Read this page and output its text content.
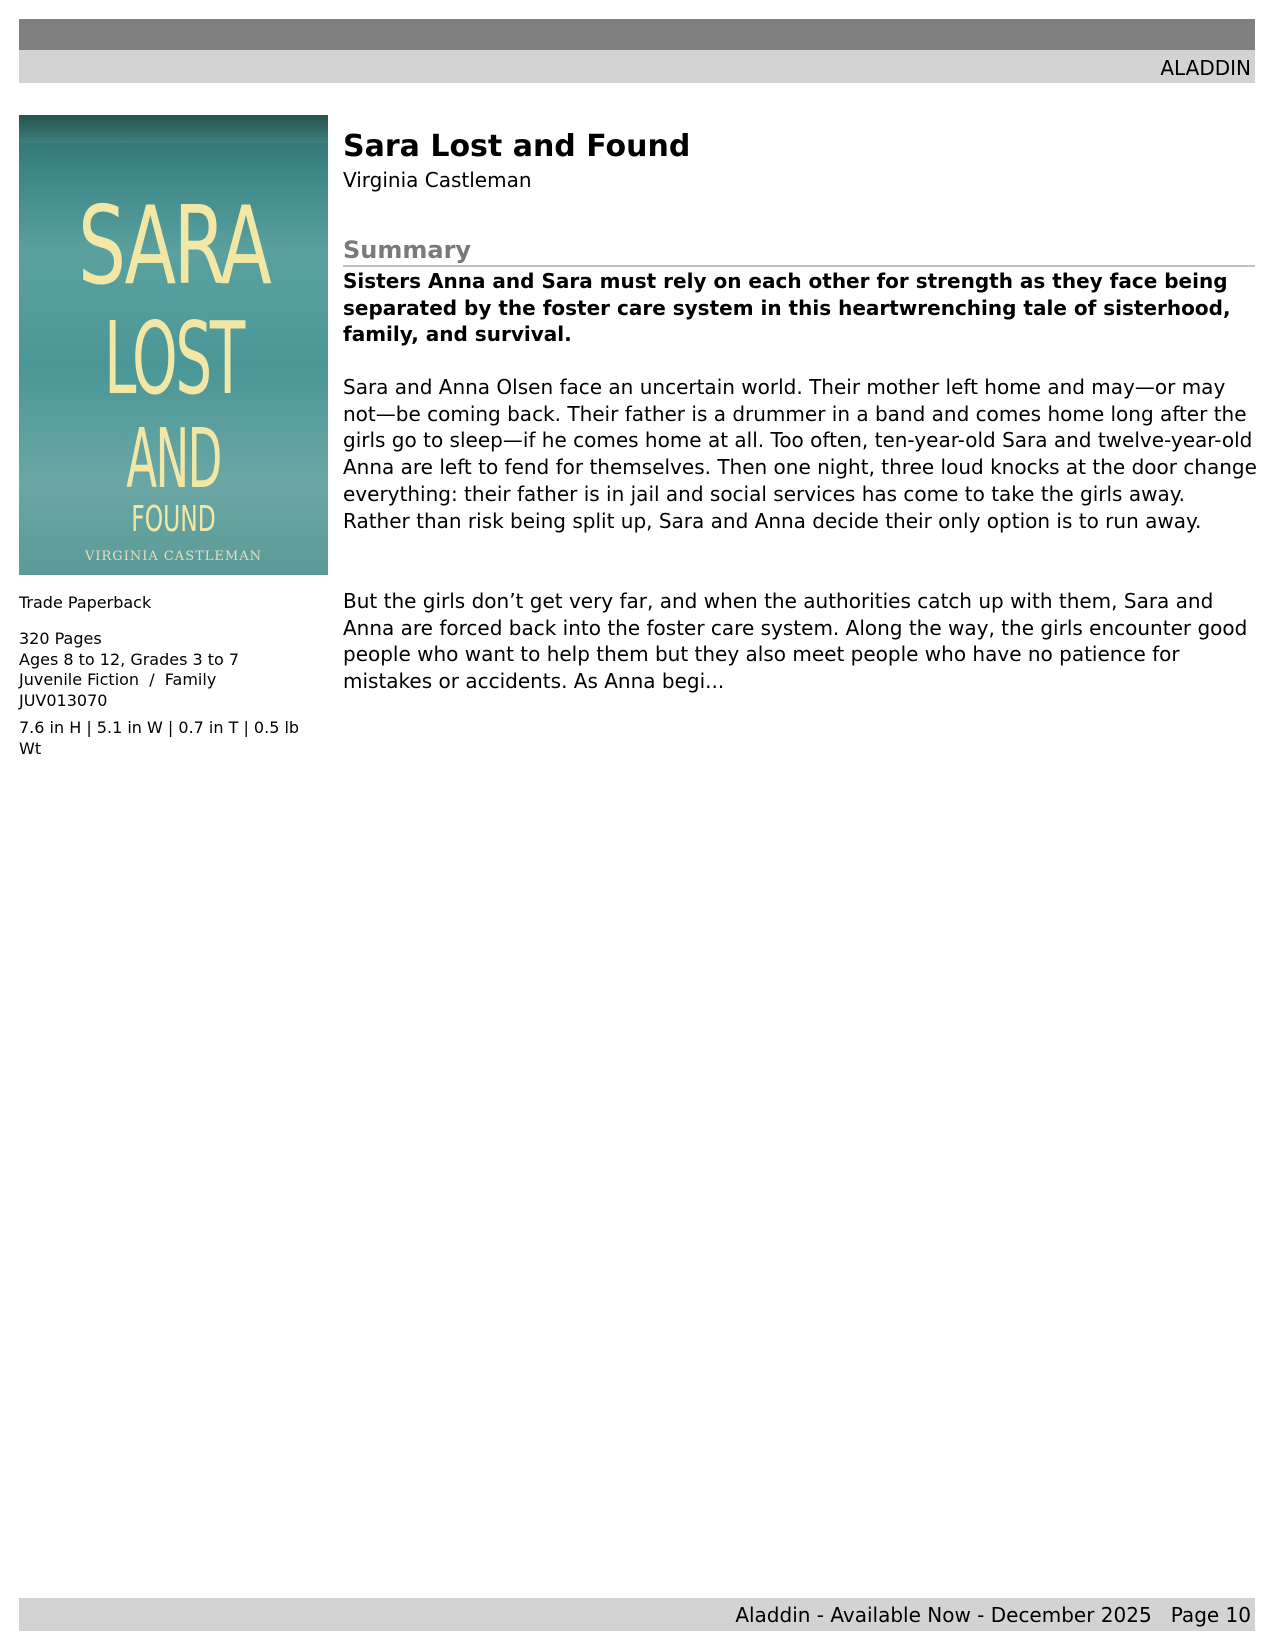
ALADDIN
SARA
LOST
AND
FOUND
VIRGINIA CASTLEMAN
Trade Paperback
320 Pages
Ages 8 to 12, Grades 3 to 7
Juvenile Fiction  /  Family
JUV013070
7.6 in H | 5.1 in W | 0.7 in T | 0.5 lb Wt
Sara Lost and Found
Virginia Castleman
Summary
Sisters Anna and Sara must rely on each other for strength as they face being separated by the foster care system in this heartwrenching tale of sisterhood, family, and survival.
Sara and Anna Olsen face an uncertain world. Their mother left home and may—or may not—be coming back. Their father is a drummer in a band and comes home long after the girls go to sleep—if he comes home at all. Too often, ten-year-old Sara and twelve-year-old Anna are left to fend for themselves. Then one night, three loud knocks at the door change everything: their father is in jail and social services has come to take the girls away. Rather than risk being split up, Sara and Anna decide their only option is to run away.
But the girls don’t get very far, and when the authorities catch up with them, Sara and Anna are forced back into the foster care system. Along the way, the girls encounter good people who want to help them but they also meet people who have no patience for mistakes or accidents. As Anna begi...
Aladdin - Available Now - December 2025   Page 10
